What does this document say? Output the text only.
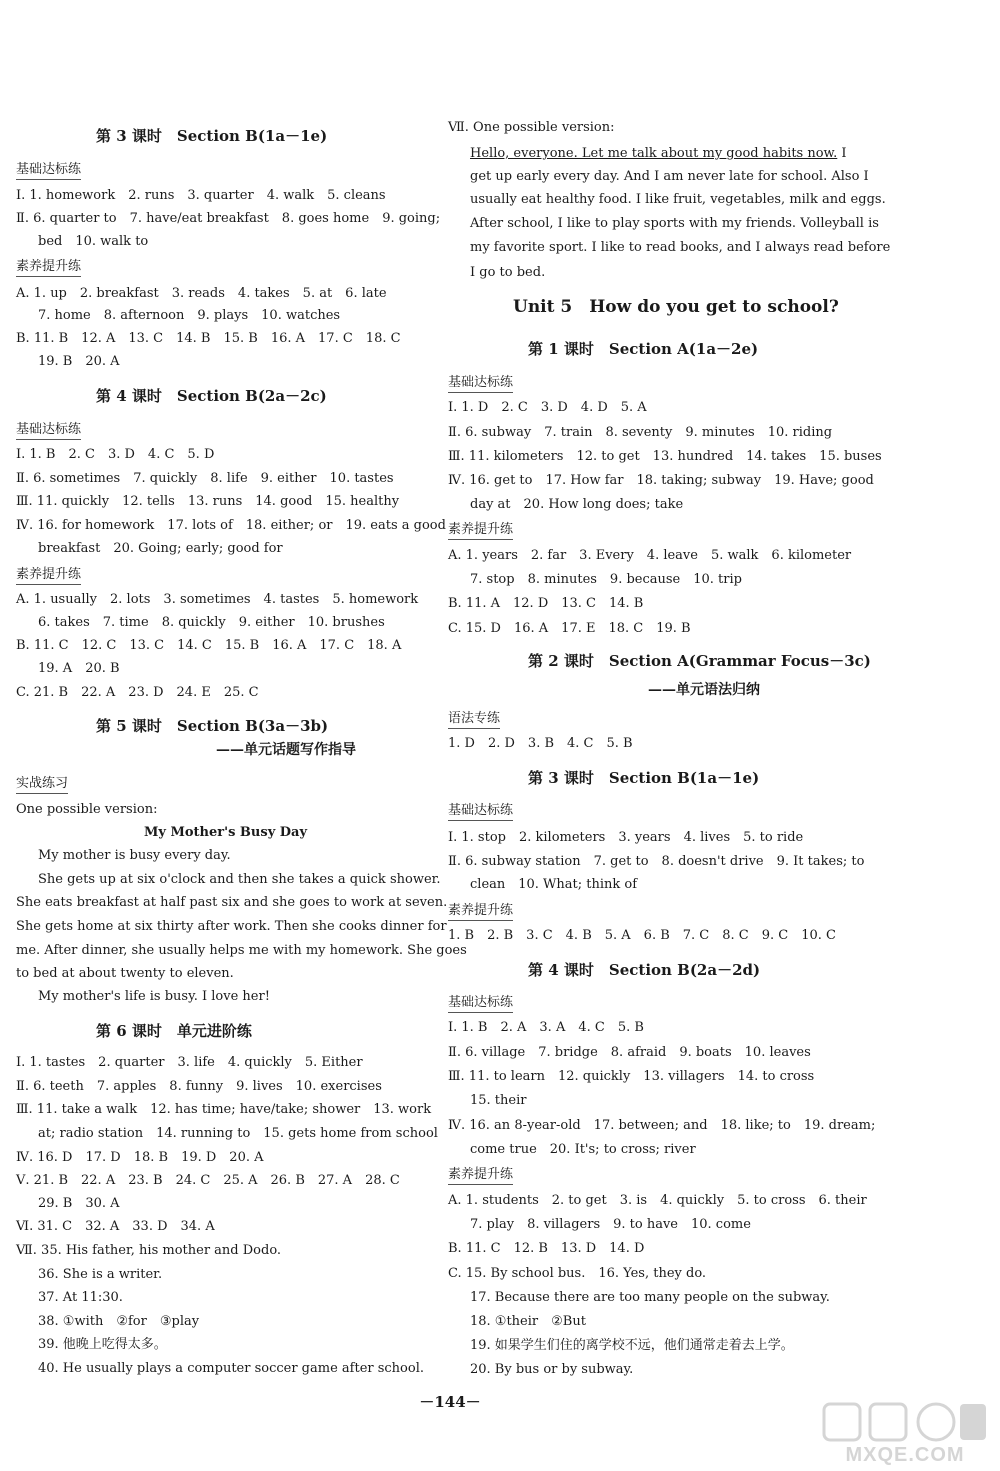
第 3 课时　Section B(1a－1e)
基础达标练
Ⅰ. 1. homework　2. runs　3. quarter　4. walk　5. cleans
Ⅱ. 6. quarter to　7. have/eat breakfast　8. goes home　9. going;
bed　10. walk to
素养提升练
A. 1. up　2. breakfast　3. reads　4. takes　5. at　6. late
7. home　8. afternoon　9. plays　10. watches
B. 11. B　12. A　13. C　14. B　15. B　16. A　17. C　18. C
19. B　20. A
第 4 课时　Section B(2a－2c)
基础达标练
Ⅰ. 1. B　2. C　3. D　4. C　5. D
Ⅱ. 6. sometimes　7. quickly　8. life　9. either　10. tastes
Ⅲ. 11. quickly　12. tells　13. runs　14. good　15. healthy
Ⅳ. 16. for homework　17. lots of　18. either; or　19. eats a good
breakfast　20. Going; early; good for
素养提升练
A. 1. usually　2. lots　3. sometimes　4. tastes　5. homework
6. takes　7. time　8. quickly　9. either　10. brushes
B. 11. C　12. C　13. C　14. C　15. B　16. A　17. C　18. A
19. A　20. B
C. 21. B　22. A　23. D　24. E　25. C
第 5 课时　Section B(3a－3b)
——单元话题写作指导
实战练习
One possible version:
My Mother's Busy Day
My mother is busy every day.
She gets up at six o'clock and then she takes a quick shower.
She eats breakfast at half past six and she goes to work at seven.
She gets home at six thirty after work. Then she cooks dinner for
me. After dinner, she usually helps me with my homework. She goes
to bed at about twenty to eleven.
My mother's life is busy. I love her!
第 6 课时　单元进阶练
Ⅰ. 1. tastes　2. quarter　3. life　4. quickly　5. Either
Ⅱ. 6. teeth　7. apples　8. funny　9. lives　10. exercises
Ⅲ. 11. take a walk　12. has time; have/take; shower　13. work
at; radio station　14. running to　15. gets home from school
Ⅳ. 16. D　17. D　18. B　19. D　20. A
Ⅴ. 21. B　22. A　23. B　24. C　25. A　26. B　27. A　28. C
29. B　30. A
Ⅵ. 31. C　32. A　33. D　34. A
Ⅶ. 35. His father, his mother and Dodo.
36. She is a writer.
37. At 11:30.
38. ①with　②for　③play
39. 他晚上吃得太多。
40. He usually plays a computer soccer game after school.
Ⅶ. One possible version:
Hello, everyone. Let me talk about my good habits now. I
get up early every day. And I am never late for school. Also I
usually eat healthy food. I like fruit, vegetables, milk and eggs.
After school, I like to play sports with my friends. Volleyball is
my favorite sport. I like to read books, and I always read before
I go to bed.
Unit 5　How do you get to school?
第 1 课时　Section A(1a－2e)
基础达标练
Ⅰ. 1. D　2. C　3. D　4. D　5. A
Ⅱ. 6. subway　7. train　8. seventy　9. minutes　10. riding
Ⅲ. 11. kilometers　12. to get　13. hundred　14. takes　15. buses
Ⅳ. 16. get to　17. How far　18. taking; subway　19. Have; good
day at　20. How long does; take
素养提升练
A. 1. years　2. far　3. Every　4. leave　5. walk　6. kilometer
7. stop　8. minutes　9. because　10. trip
B. 11. A　12. D　13. C　14. B
C. 15. D　16. A　17. E　18. C　19. B
第 2 课时　Section A(Grammar Focus－3c)
——单元语法归纳
语法专练
1. D　2. D　3. B　4. C　5. B
第 3 课时　Section B(1a－1e)
基础达标练
Ⅰ. 1. stop　2. kilometers　3. years　4. lives　5. to ride
Ⅱ. 6. subway station　7. get to　8. doesn't drive　9. It takes; to
clean　10. What; think of
素养提升练
1. B　2. B　3. C　4. B　5. A　6. B　7. C　8. C　9. C　10. C
第 4 课时　Section B(2a－2d)
基础达标练
Ⅰ. 1. B　2. A　3. A　4. C　5. B
Ⅱ. 6. village　7. bridge　8. afraid　9. boats　10. leaves
Ⅲ. 11. to learn　12. quickly　13. villagers　14. to cross
15. their
Ⅳ. 16. an 8-year-old　17. between; and　18. like; to　19. dream;
come true　20. It's; to cross; river
素养提升练
A. 1. students　2. to get　3. is　4. quickly　5. to cross　6. their
7. play　8. villagers　9. to have　10. come
B. 11. C　12. B　13. D　14. D
C. 15. By school bus.　16. Yes, they do.
17. Because there are too many people on the subway.
18. ①their　②But
19. 如果学生们住的离学校不远，他们通常走着去上学。
20. By bus or by subway.
－144－
MXQE.COM
